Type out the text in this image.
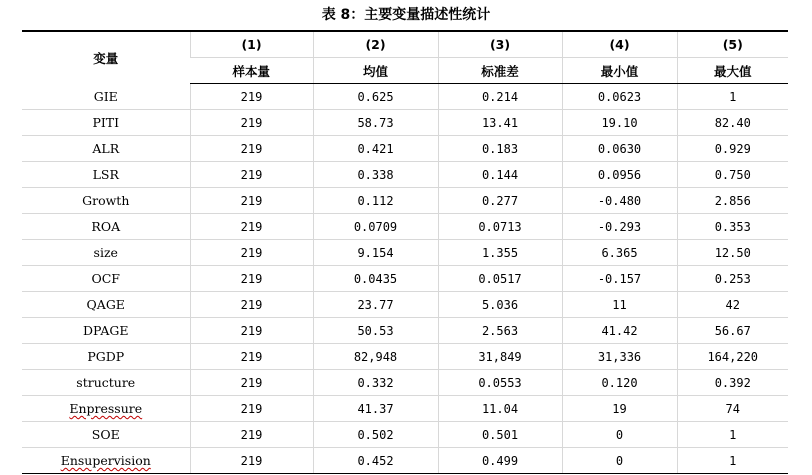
表 8：主要变量描述性统计
变量	(1)	(2)	(3)	(4)	(5)
	样本量	均值	标准差	最小值	最大值
GIE	219	0.625	0.214	0.0623	1
PITI	219	58.73	13.41	19.10	82.40
ALR	219	0.421	0.183	0.0630	0.929
LSR	219	0.338	0.144	0.0956	0.750
Growth	219	0.112	0.277	-0.480	2.856
ROA	219	0.0709	0.0713	-0.293	0.353
size	219	9.154	1.355	6.365	12.50
OCF	219	0.0435	0.0517	-0.157	0.253
QAGE	219	23.77	5.036	11	42
DPAGE	219	50.53	2.563	41.42	56.67
PGDP	219	82,948	31,849	31,336	164,220
structure	219	0.332	0.0553	0.120	0.392
Enpressure	219	41.37	11.04	19	74
SOE	219	0.502	0.501	0	1
Ensupervision	219	0.452	0.499	0	1
